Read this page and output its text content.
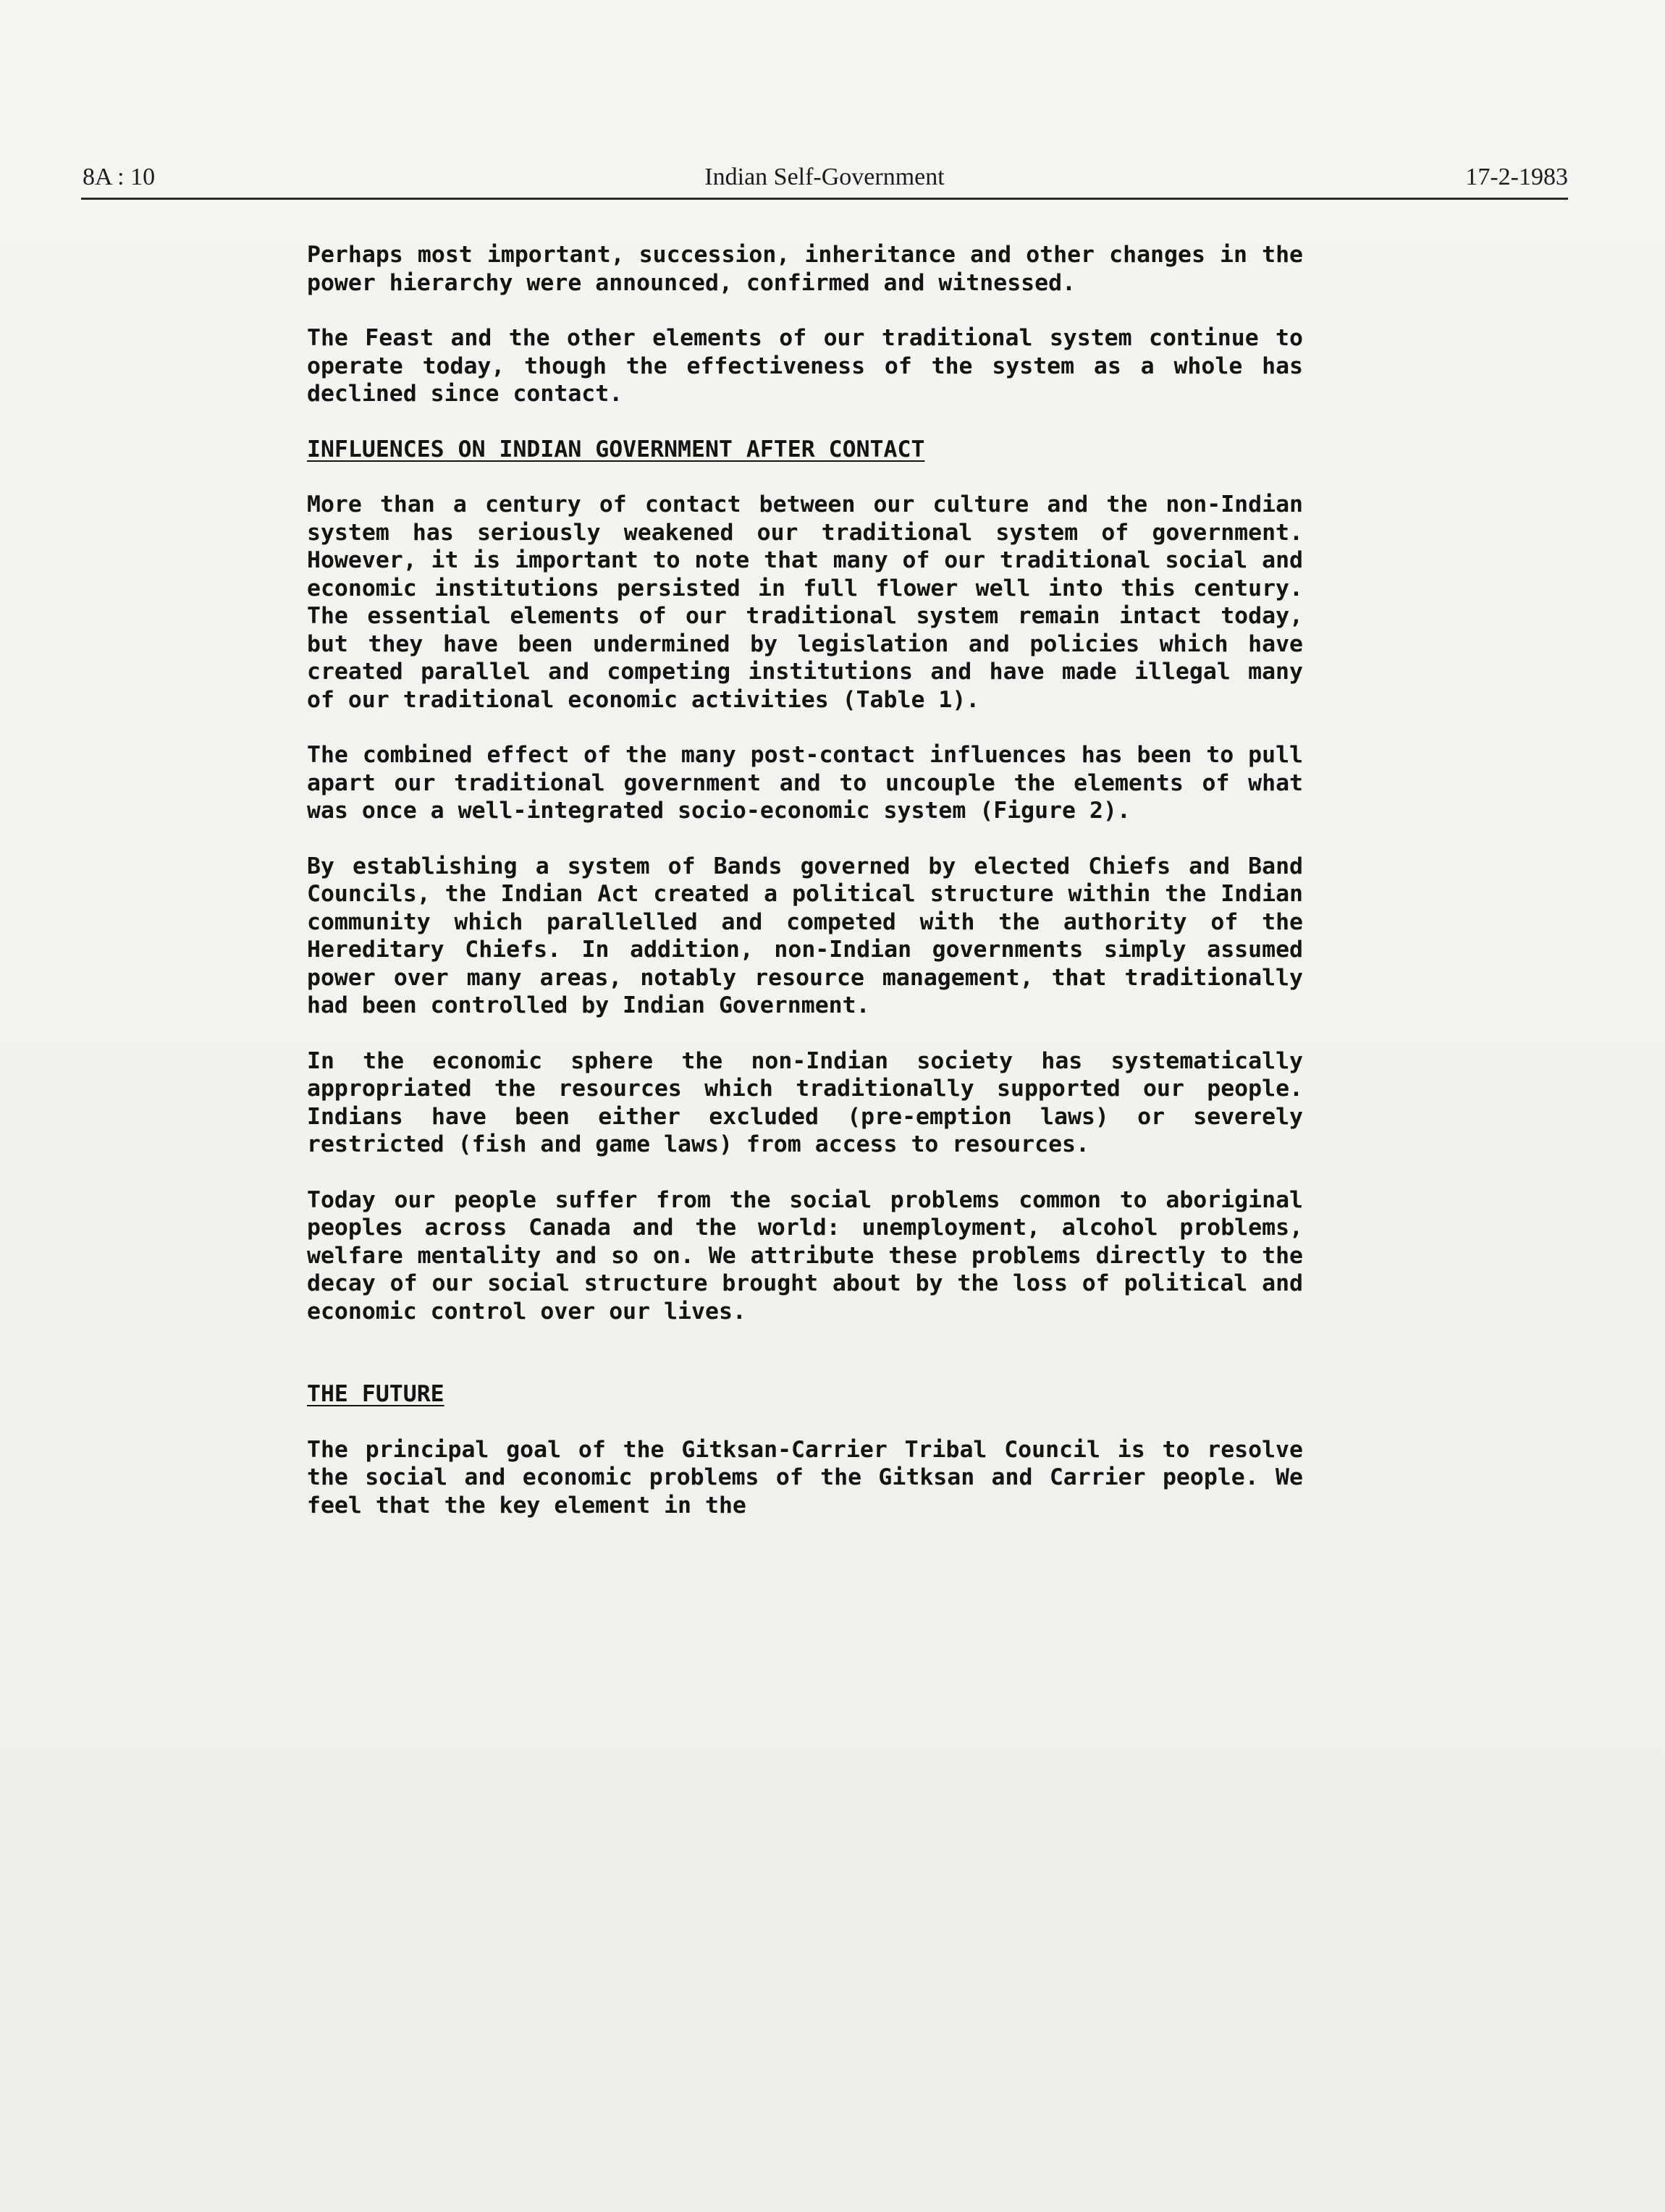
8A : 10	Indian Self-Government	17-2-1983

Perhaps most important, succession, inheritance and other changes in the power hierarchy were announced, confirmed and witnessed.

The Feast and the other elements of our traditional system continue to operate today, though the effectiveness of the system as a whole has declined since contact.

INFLUENCES ON INDIAN GOVERNMENT AFTER CONTACT

More than a century of contact between our culture and the non-Indian system has seriously weakened our traditional system of government. However, it is important to note that many of our traditional social and economic institutions persisted in full flower well into this century. The essential elements of our traditional system remain intact today, but they have been undermined by legislation and policies which have created parallel and competing institutions and have made illegal many of our traditional economic activities (Table 1).

The combined effect of the many post-contact influences has been to pull apart our traditional government and to uncouple the elements of what was once a well-integrated socio-economic system (Figure 2).

By establishing a system of Bands governed by elected Chiefs and Band Councils, the Indian Act created a political structure within the Indian community which parallelled and competed with the authority of the Hereditary Chiefs. In addition, non-Indian governments simply assumed power over many areas, notably resource management, that traditionally had been controlled by Indian Government.

In the economic sphere the non-Indian society has systematically appropriated the resources which traditionally supported our people. Indians have been either excluded (pre-emption laws) or severely restricted (fish and game laws) from access to resources.

Today our people suffer from the social problems common to aboriginal peoples across Canada and the world: unemployment, alcohol problems, welfare mentality and so on. We attribute these problems directly to the decay of our social structure brought about by the loss of political and economic control over our lives.

THE FUTURE

The principal goal of the Gitksan-Carrier Tribal Council is to resolve the social and economic problems of the Gitksan and Carrier people. We feel that the key element in the
